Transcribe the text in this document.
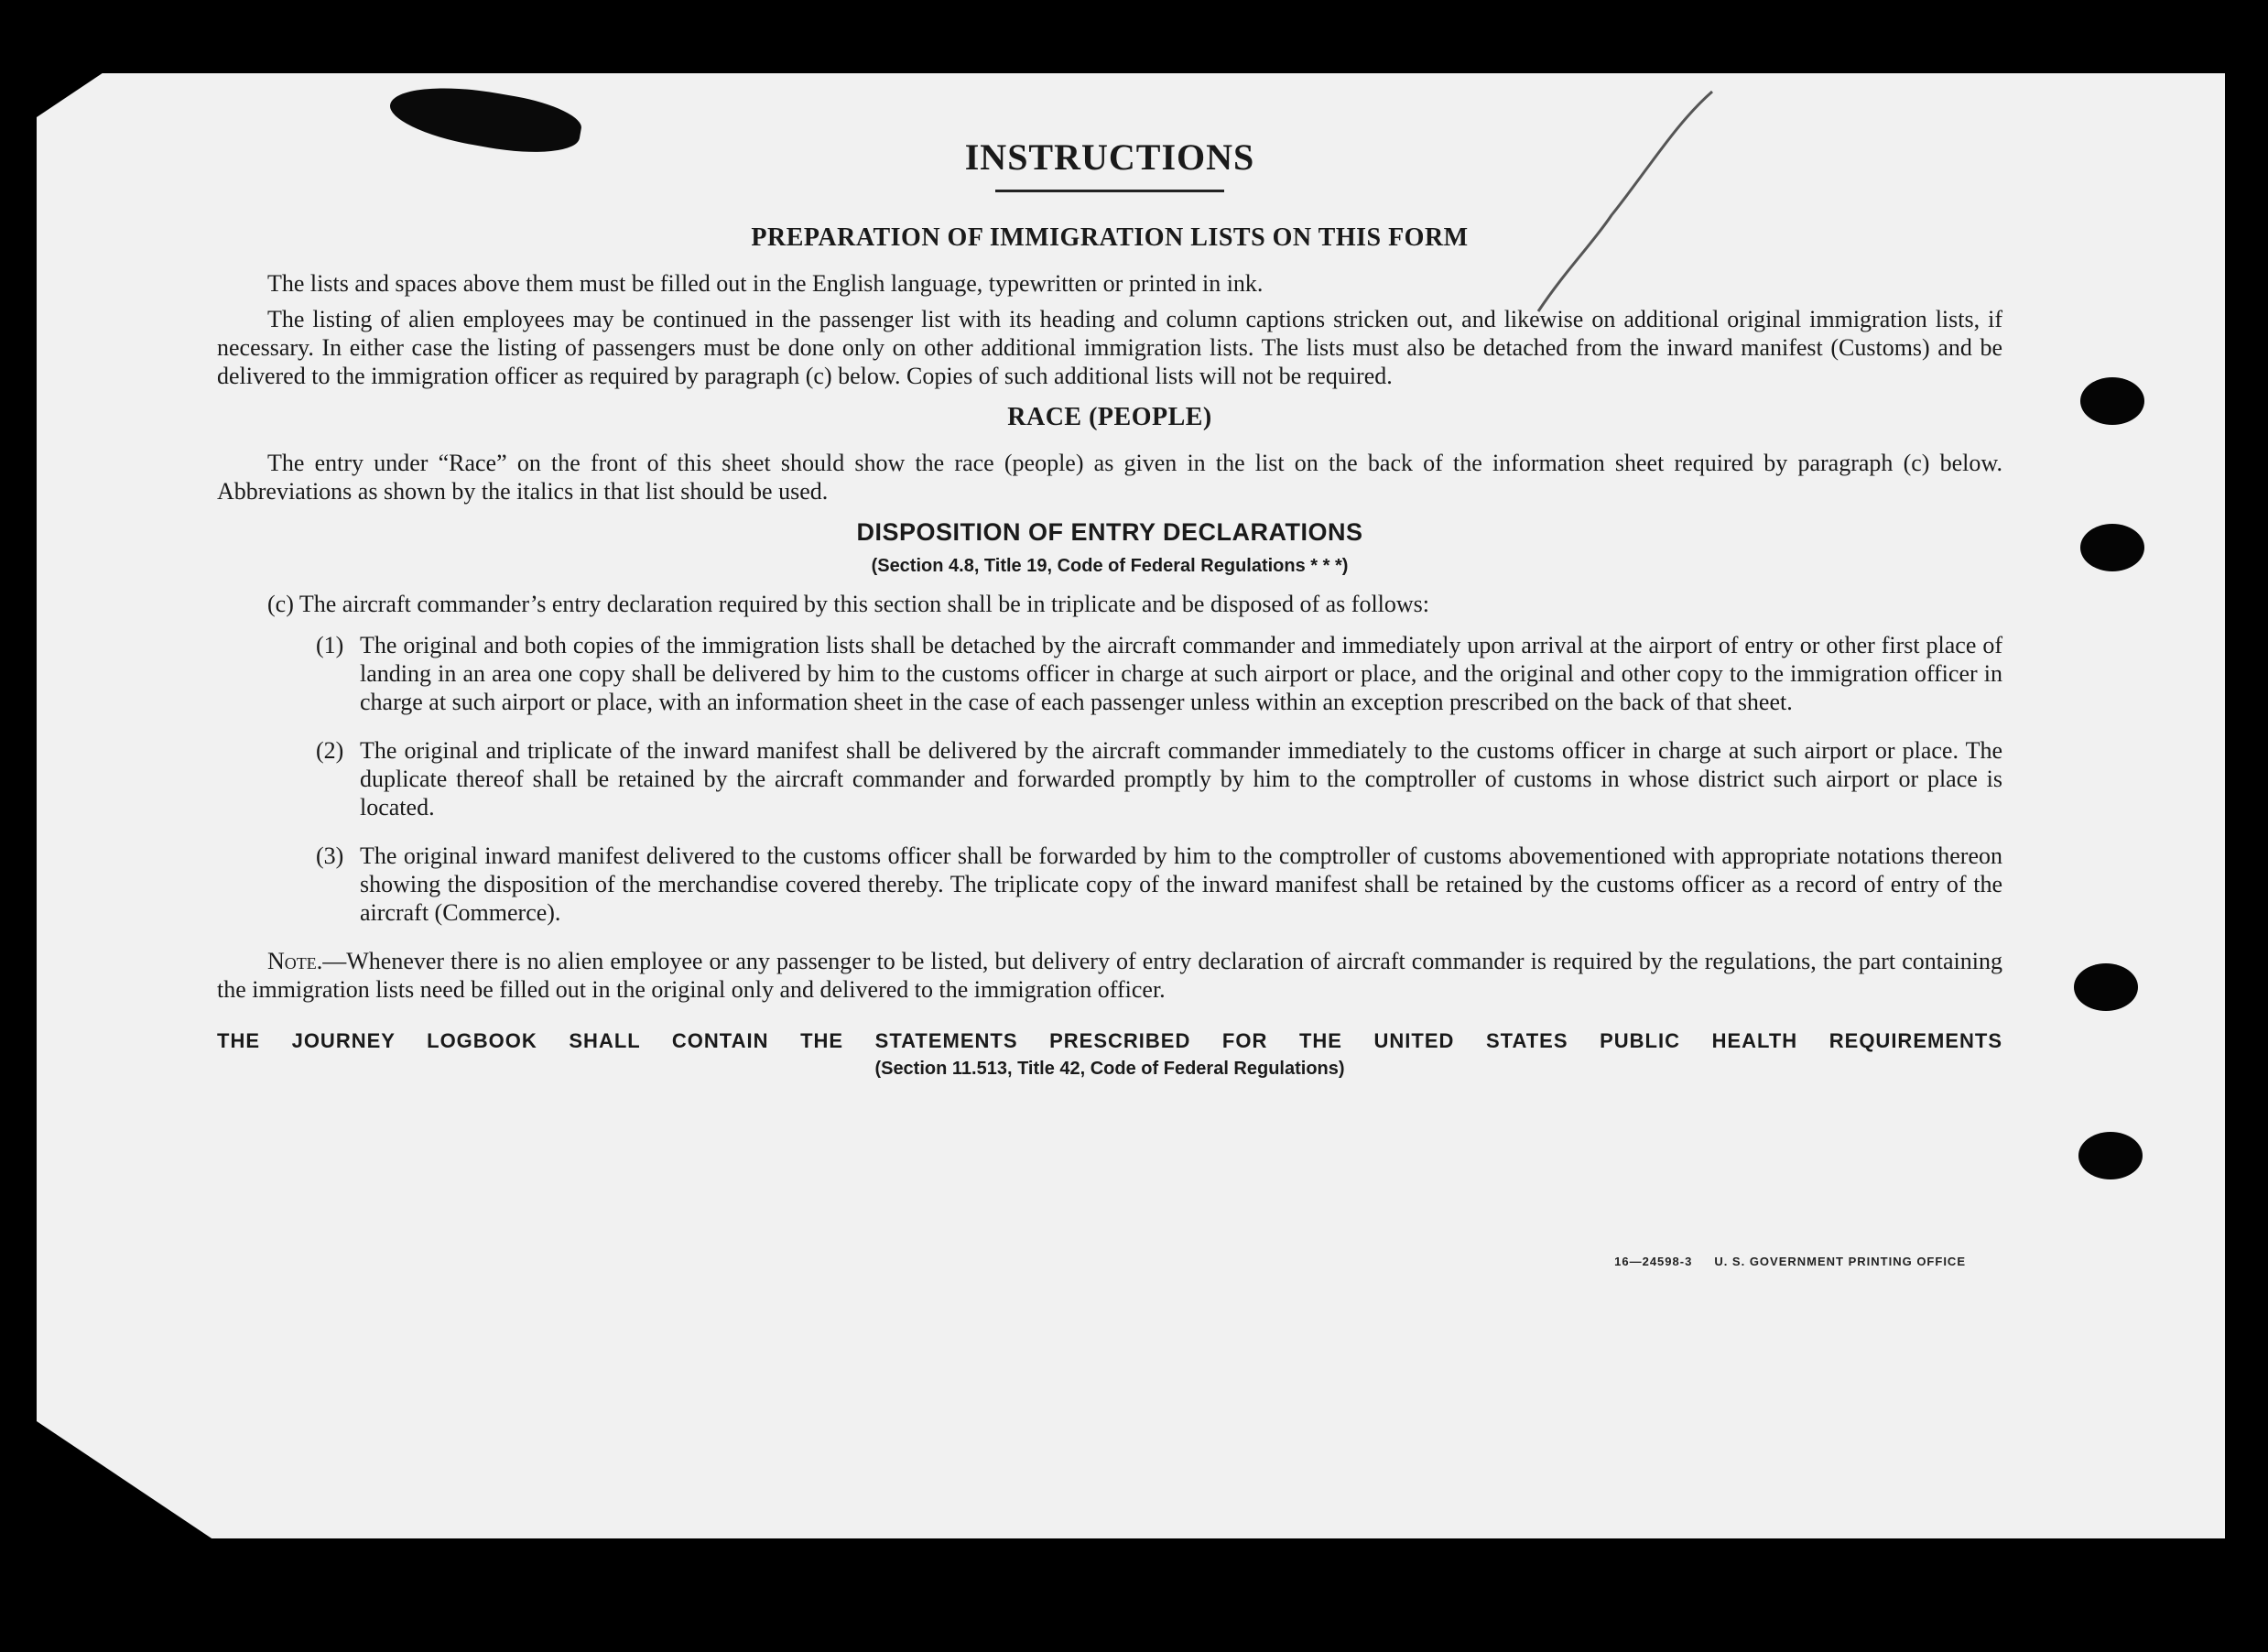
INSTRUCTIONS
PREPARATION OF IMMIGRATION LISTS ON THIS FORM

The lists and spaces above them must be filled out in the English language, typewritten or printed in ink.

The listing of alien employees may be continued in the passenger list with its heading and column captions stricken out, and likewise on additional original immigration lists, if necessary. In either case the listing of passengers must be done only on other additional immigration lists. The lists must also be detached from the inward manifest (Customs) and be delivered to the immigration officer as required by paragraph (c) below. Copies of such additional lists will not be required.

RACE (PEOPLE)

The entry under “Race” on the front of this sheet should show the race (people) as given in the list on the back of the information sheet required by paragraph (c) below. Abbreviations as shown by the italics in that list should be used.

DISPOSITION OF ENTRY DECLARATIONS
(Section 4.8, Title 19, Code of Federal Regulations * * *)

(c) The aircraft commander’s entry declaration required by this section shall be in triplicate and be disposed of as follows:

(1) The original and both copies of the immigration lists shall be detached by the aircraft commander and immediately upon arrival at the airport of entry or other first place of landing in an area one copy shall be delivered by him to the customs officer in charge at such airport or place, and the original and other copy to the immigration officer in charge at such airport or place, with an information sheet in the case of each passenger unless within an exception prescribed on the back of that sheet.
(2) The original and triplicate of the inward manifest shall be delivered by the aircraft commander immediately to the customs officer in charge at such airport or place. The duplicate thereof shall be retained by the aircraft commander and forwarded promptly by him to the comptroller of customs in whose district such airport or place is located.
(3) The original inward manifest delivered to the customs officer shall be forwarded by him to the comptroller of customs abovementioned with appropriate notations thereon showing the disposition of the merchandise covered thereby. The triplicate copy of the inward manifest shall be retained by the customs officer as a record of entry of the aircraft (Commerce).

Note.—Whenever there is no alien employee or any passenger to be listed, but delivery of entry declaration of aircraft commander is required by the regulations, the part containing the immigration lists need be filled out in the original only and delivered to the immigration officer.

THE JOURNEY LOGBOOK SHALL CONTAIN THE STATEMENTS PRESCRIBED FOR THE UNITED STATES PUBLIC HEALTH REQUIREMENTS
(Section 11.513, Title 42, Code of Federal Regulations)
16—24598-3 U. S. GOVERNMENT PRINTING OFFICE
